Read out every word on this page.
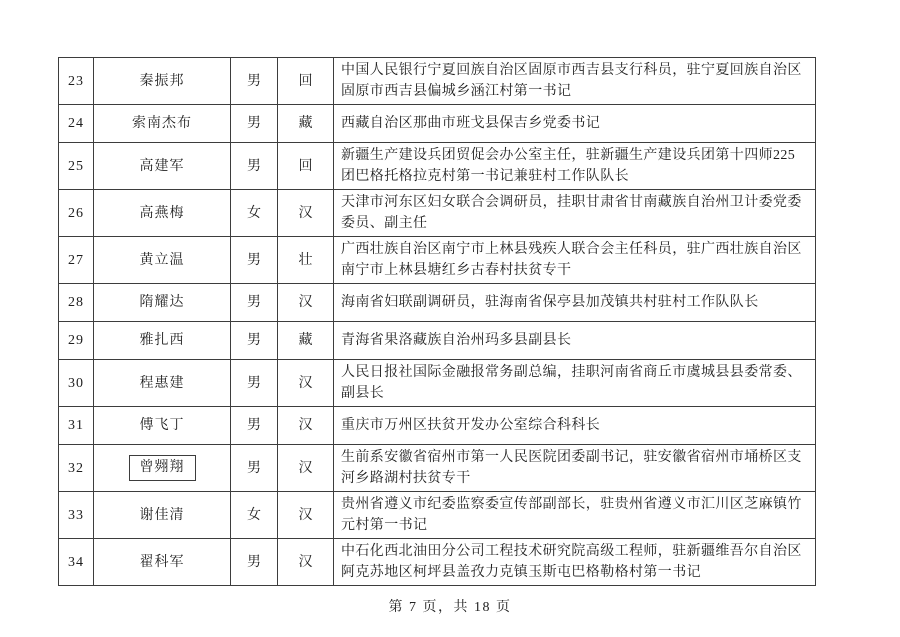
23	秦振邦	男	回	中国人民银行宁夏回族自治区固原市西吉县支行科员，驻宁夏回族自治区固原市西吉县偏城乡涵江村第一书记
24	索南杰布	男	藏	西藏自治区那曲市班戈县保吉乡党委书记
25	高建军	男	回	新疆生产建设兵团贸促会办公室主任，驻新疆生产建设兵团第十四师225团巴格托格拉克村第一书记兼驻村工作队队长
26	高燕梅	女	汉	天津市河东区妇女联合会调研员，挂职甘肃省甘南藏族自治州卫计委党委委员、副主任
27	黄立温	男	壮	广西壮族自治区南宁市上林县残疾人联合会主任科员，驻广西壮族自治区南宁市上林县塘红乡古春村扶贫专干
28	隋耀达	男	汉	海南省妇联副调研员，驻海南省保亭县加茂镇共村驻村工作队队长
29	雅扎西	男	藏	青海省果洛藏族自治州玛多县副县长
30	程惠建	男	汉	人民日报社国际金融报常务副总编，挂职河南省商丘市虞城县县委常委、副县长
31	傅飞丁	男	汉	重庆市万州区扶贫开发办公室综合科科长
32	曾翙翔	男	汉	生前系安徽省宿州市第一人民医院团委副书记，驻安徽省宿州市埇桥区支河乡路湖村扶贫专干
33	谢佳清	女	汉	贵州省遵义市纪委监察委宣传部副部长，驻贵州省遵义市汇川区芝麻镇竹元村第一书记
34	翟科军	男	汉	中石化西北油田分公司工程技术研究院高级工程师，驻新疆维吾尔自治区阿克苏地区柯坪县盖孜力克镇玉斯屯巴格勒格村第一书记
第 7 页，共 18 页
